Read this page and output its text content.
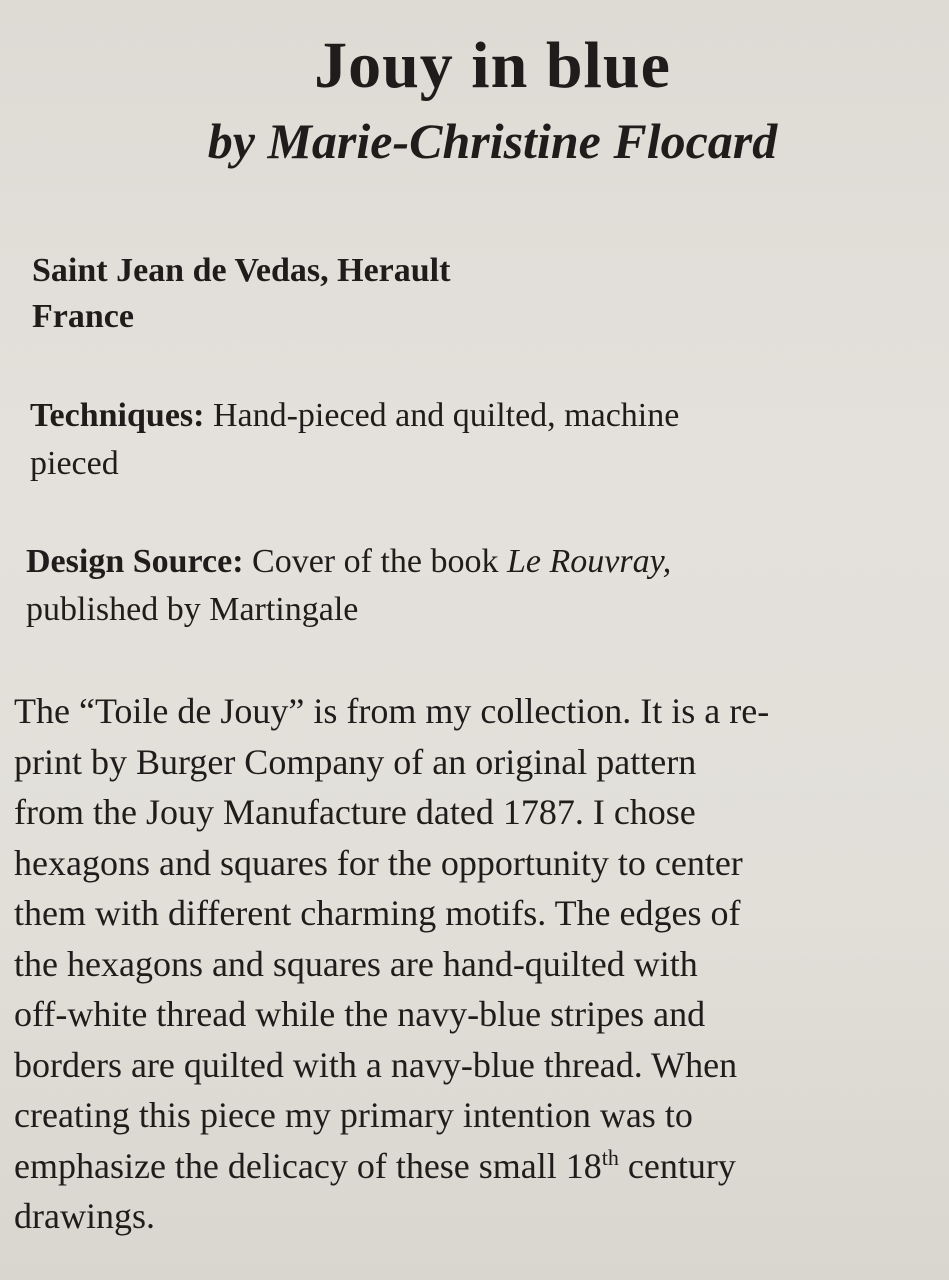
Jouy in blue

by Marie-Christine Flocard

Saint Jean de Vedas, Herault
France

Techniques: Hand-pieced and quilted, machine
pieced

Design Source: Cover of the book Le Rouvray,
published by Martingale

The “Toile de Jouy” is from my collection. It is a re-
print by Burger Company of an original pattern
from the Jouy Manufacture dated 1787. I chose
hexagons and squares for the opportunity to center
them with different charming motifs. The edges of
the hexagons and squares are hand-quilted with
off-white thread while the navy-blue stripes and
borders are quilted with a navy-blue thread. When
creating this piece my primary intention was to
emphasize the delicacy of these small 18th century
drawings.
